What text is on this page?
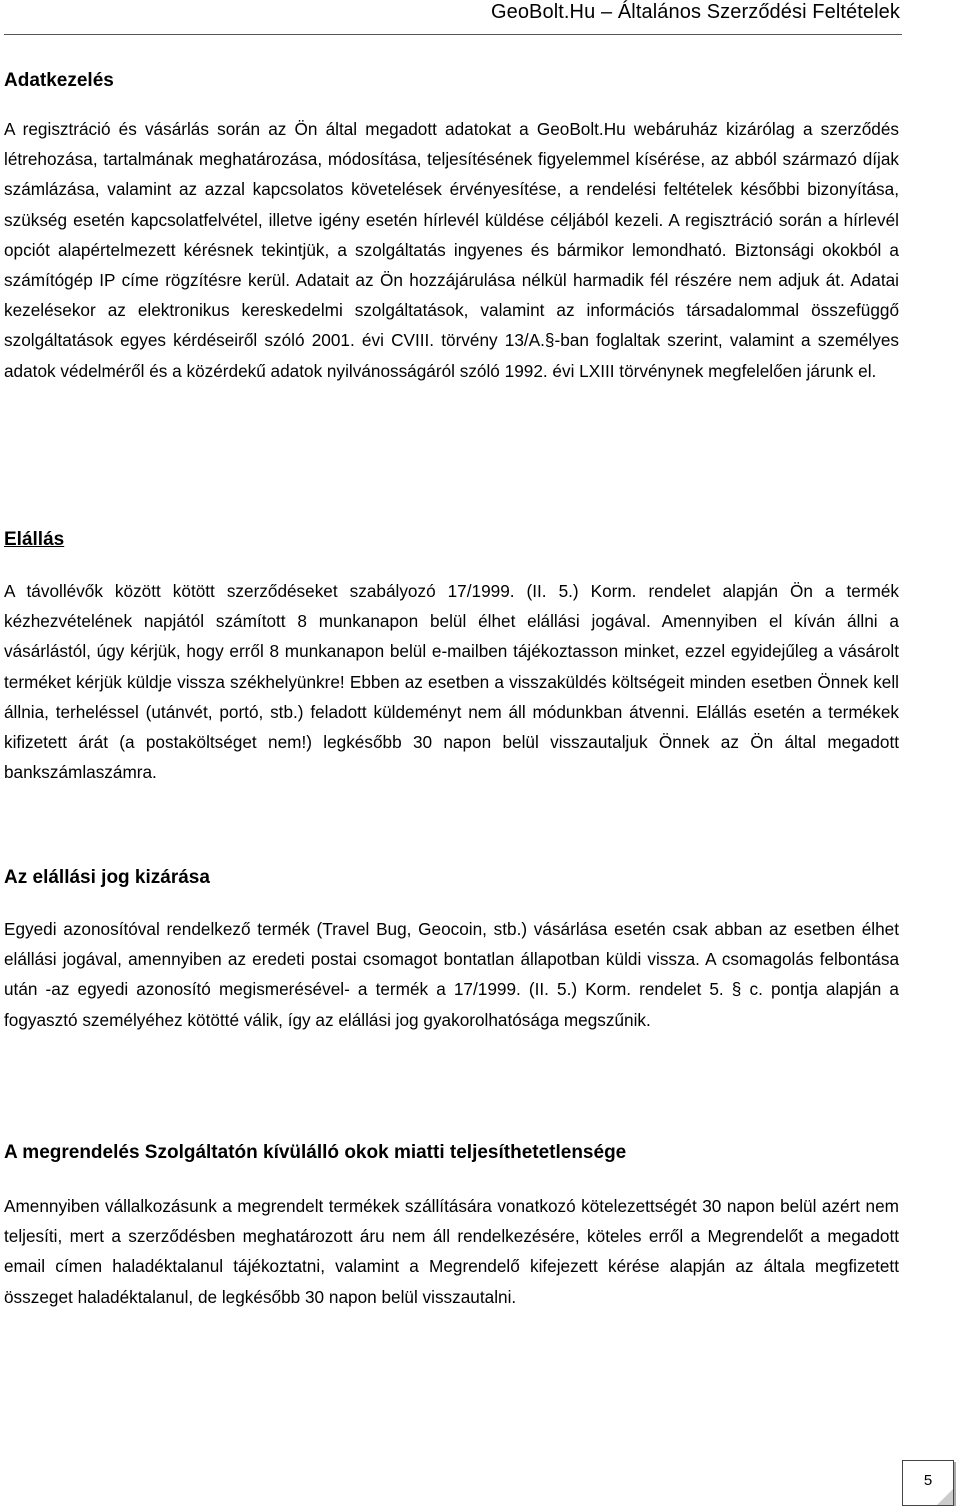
GeoBolt.Hu – Általános Szerződési Feltételek
Adatkezelés

A regisztráció és vásárlás során az Ön által megadott adatokat a GeoBolt.Hu webáruház kizárólag a szerződés létrehozása, tartalmának meghatározása, módosítása, teljesítésének figyelemmel kísérése, az abból származó díjak számlázása, valamint az azzal kapcsolatos követelések érvényesítése, a rendelési feltételek későbbi bizonyítása, szükség esetén kapcsolatfelvétel, illetve igény esetén hírlevél küldése céljából kezeli. A regisztráció során a hírlevél opciót alapértelmezett kérésnek tekintjük, a szolgáltatás ingyenes és bármikor lemondható. Biztonsági okokból a számítógép IP címe rögzítésre kerül. Adatait az Ön hozzájárulása nélkül harmadik fél részére nem adjuk át. Adatai kezelésekor az elektronikus kereskedelmi szolgáltatások, valamint az információs társadalommal összefüggő szolgáltatások egyes kérdéseiről szóló 2001. évi CVIII. törvény 13/A.§-ban foglaltak szerint, valamint a személyes adatok védelméről és a közérdekű adatok nyilvánosságáról szóló 1992. évi LXIII törvénynek megfelelően járunk el.

Elállás

A távollévők között kötött szerződéseket szabályozó 17/1999. (II. 5.) Korm. rendelet alapján Ön a termék kézhezvételének napjától számított 8 munkanapon belül élhet elállási jogával. Amennyiben el kíván állni a vásárlástól, úgy kérjük, hogy erről 8 munkanapon belül e-mailben tájékoztasson minket, ezzel egyidejűleg a vásárolt terméket kérjük küldje vissza székhelyünkre! Ebben az esetben a visszaküldés költségeit minden esetben Önnek kell állnia, terheléssel (utánvét, portó, stb.) feladott küldeményt nem áll módunkban átvenni. Elállás esetén a termékek kifizetett árát (a postaköltséget nem!) legkésőbb 30 napon belül visszautaljuk Önnek az Ön által megadott bankszámlaszámra.

Az elállási jog kizárása

Egyedi azonosítóval rendelkező termék (Travel Bug, Geocoin, stb.) vásárlása esetén csak abban az esetben élhet elállási jogával, amennyiben az eredeti postai csomagot bontatlan állapotban küldi vissza. A csomagolás felbontása után -az egyedi azonosító megismerésével- a termék a 17/1999. (II. 5.) Korm. rendelet 5. § c. pontja alapján a fogyasztó személyéhez kötötté válik, így az elállási jog gyakorolhatósága megszűnik.

A megrendelés Szolgáltatón kívülálló okok miatti teljesíthetetlensége

Amennyiben vállalkozásunk a megrendelt termékek szállítására vonatkozó kötelezettségét 30 napon belül azért nem teljesíti, mert a szerződésben meghatározott áru nem áll rendelkezésére, köteles erről a Megrendelőt a megadott email címen haladéktalanul tájékoztatni, valamint a Megrendelő kifejezett kérése alapján az általa megfizetett összeget haladéktalanul, de legkésőbb 30 napon belül visszautalni.

5
